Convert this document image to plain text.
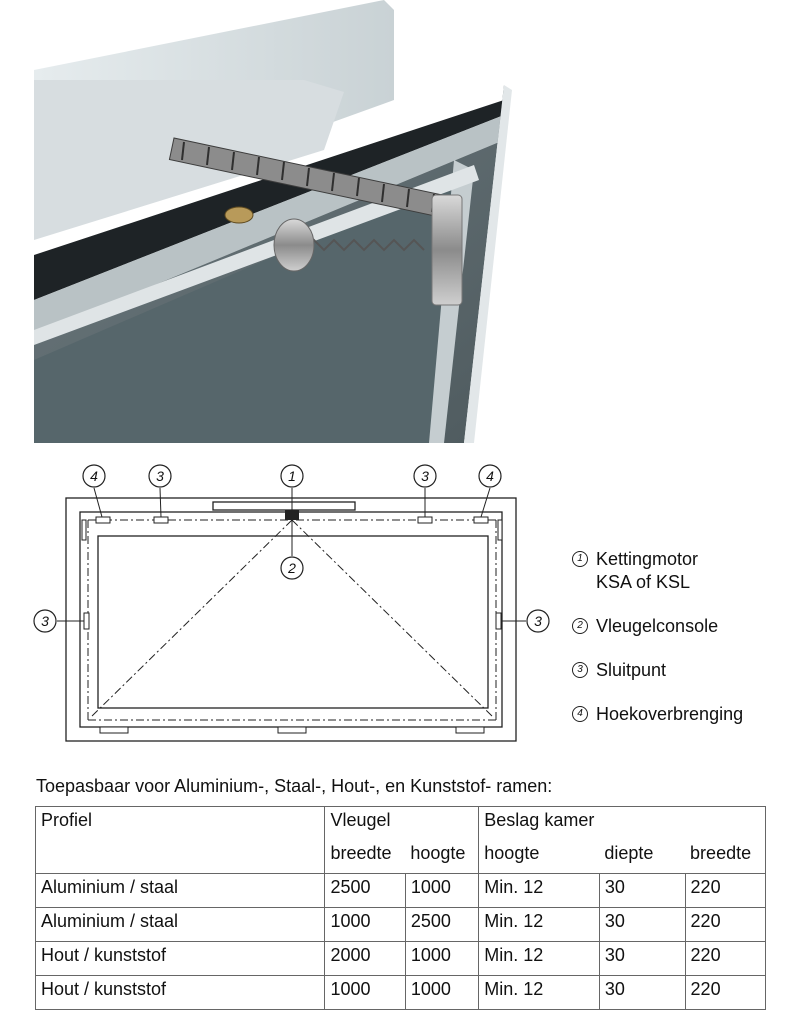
4	3	1	3	4
2
3	3
1 Kettingmotor
KSA of KSL
2 Vleugelconsole
3 Sluitpunt
4 Hoekoverbrenging
Toepasbaar voor Aluminium-, Staal-, Hout-, en Kunststof- ramen:
Profiel	Vleugel		Beslag kamer		
	breedte	hoogte	hoogte	diepte	breedte
Aluminium / staal	2500	1000	Min. 12	30	220
Aluminium / staal	1000	2500	Min. 12	30	220
Hout / kunststof	2000	1000	Min. 12	30	220
Hout / kunststof	1000	1000	Min. 12	30	220
